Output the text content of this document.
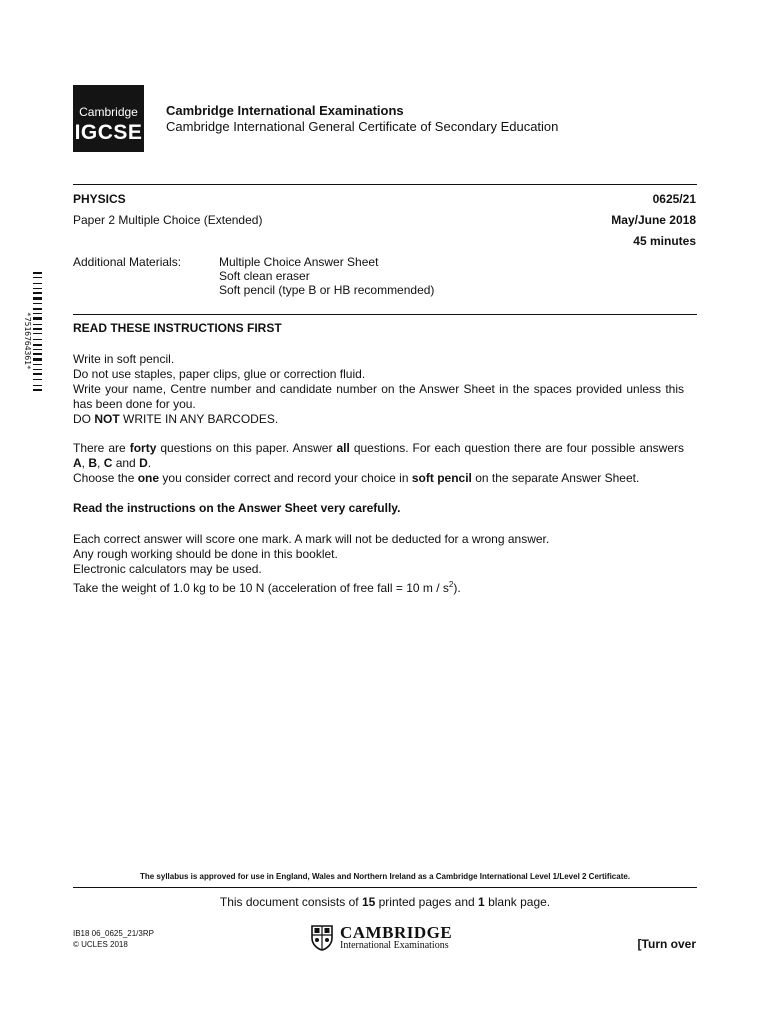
Cambridge
IGCSE
Cambridge International Examinations
Cambridge International General Certificate of Secondary Education
PHYSICS	0625/21
Paper 2 Multiple Choice (Extended)	May/June 2018
45 minutes
Additional Materials:	Multiple Choice Answer Sheet
Soft clean eraser
Soft pencil (type B or HB recommended)
*7516764361*	READ THESE INSTRUCTIONS FIRST
Write in soft pencil.
Do not use staples, paper clips, glue or correction fluid.
Write your name, Centre number and candidate number on the Answer Sheet in the spaces provided unless this has been done for you.
DO NOT WRITE IN ANY BARCODES.
There are forty questions on this paper. Answer all questions. For each question there are four possible answers A, B, C and D.
Choose the one you consider correct and record your choice in soft pencil on the separate Answer Sheet.
Read the instructions on the Answer Sheet very carefully.
Each correct answer will score one mark. A mark will not be deducted for a wrong answer.
Any rough working should be done in this booklet.
Electronic calculators may be used.
Take the weight of 1.0 kg to be 10 N (acceleration of free fall = 10 m / $s^2$).
The syllabus is approved for use in England, Wales and Northern Ireland as a Cambridge International Level 1/Level 2 Certificate.
This document consists of 15 printed pages and 1 blank page.
IB18 06_0625_21/3RP
© UCLES 2018
CAMBRIDGE
International Examinations	[Turn over
